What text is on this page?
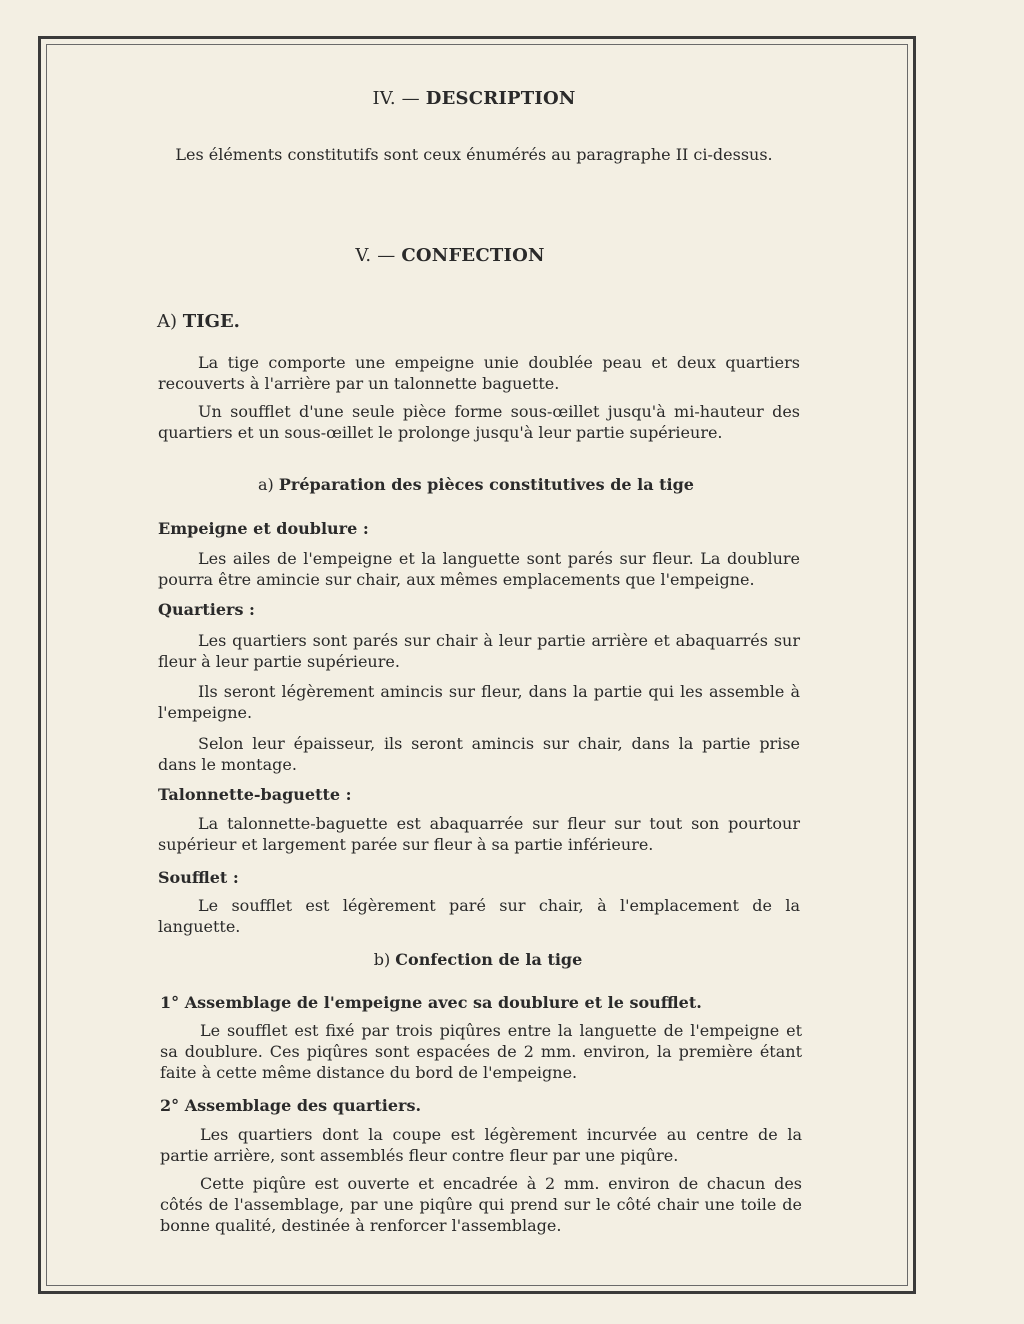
IV. — DESCRIPTION
Les éléments constitutifs sont ceux énumérés au paragraphe II ci-dessus.
V. — CONFECTION
A) TIGE.
La tige comporte une empeigne unie doublée peau et deux quartiers recouverts à l'arrière par un talonnette baguette.
Un soufflet d'une seule pièce forme sous-œillet jusqu'à mi-hauteur des quartiers et un sous-œillet le prolonge jusqu'à leur partie supérieure.
a) Préparation des pièces constitutives de la tige
Empeigne et doublure :
Les ailes de l'empeigne et la languette sont parés sur fleur. La doublure pourra être amincie sur chair, aux mêmes emplacements que l'empeigne.
Quartiers :
Les quartiers sont parés sur chair à leur partie arrière et abaquarrés sur fleur à leur partie supérieure.
Ils seront légèrement amincis sur fleur, dans la partie qui les assemble à l'empeigne.
Selon leur épaisseur, ils seront amincis sur chair, dans la partie prise dans le montage.
Talonnette-baguette :
La talonnette-baguette est abaquarrée sur fleur sur tout son pourtour supérieur et largement parée sur fleur à sa partie inférieure.
Soufflet :
Le soufflet est légèrement paré sur chair, à l'emplacement de la languette.
b) Confection de la tige
1° Assemblage de l'empeigne avec sa doublure et le soufflet.
Le soufflet est fixé par trois piqûres entre la languette de l'empeigne et sa doublure. Ces piqûres sont espacées de 2 mm. environ, la première étant faite à cette même distance du bord de l'empeigne.
2° Assemblage des quartiers.
Les quartiers dont la coupe est légèrement incurvée au centre de la partie arrière, sont assemblés fleur contre fleur par une piqûre.
Cette piqûre est ouverte et encadrée à 2 mm. environ de chacun des côtés de l'assemblage, par une piqûre qui prend sur le côté chair une toile de bonne qualité, destinée à renforcer l'assemblage.
